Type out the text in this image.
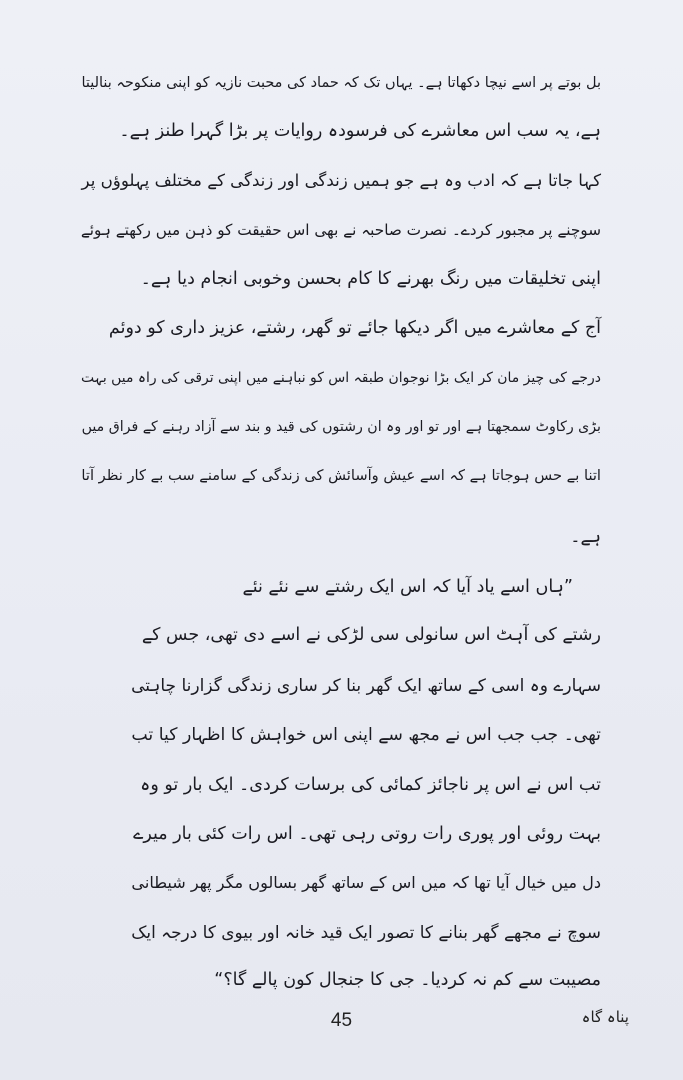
بل بوتے پر اسے نیچا دکھاتا ہے۔ یہاں تک کہ حماد کی محبت نازیہ کو اپنی منکوحہ بنالیتا
ہے، یہ سب اس معاشرے کی فرسودہ روایات پر بڑا گہرا طنز ہے۔
کہا جاتا ہے کہ ادب وہ ہے جو ہمیں زندگی اور زندگی کے مختلف پہلوؤں پر
سوچنے پر مجبور کردے۔ نصرت صاحبہ نے بھی اس حقیقت کو ذہن میں رکھتے ہوئے
اپنی تخلیقات میں رنگ بھرنے کا کام بحسن وخوبی انجام دیا ہے۔
آج کے معاشرے میں اگر دیکھا جائے تو گھر، رشتے، عزیز داری کو دوئم
درجے کی چیز مان کر ایک بڑا نوجوان طبقہ اس کو نباہنے میں اپنی ترقی کی راہ میں بہت
بڑی رکاوٹ سمجھتا ہے اور تو اور وہ ان رشتوں کی قید و بند سے آزاد رہنے کے فراق میں
اتنا بے حس ہوجاتا ہے کہ اسے عیش وآسائش کی زندگی کے سامنے سب بے کار نظر آتا
ہے۔
”ہاں اسے یاد آیا کہ اس ایک رشتے سے نئے نئے
رشتے کی آہٹ اس سانولی سی لڑکی نے اسے دی تھی، جس کے
سہارے وہ اسی کے ساتھ ایک گھر بنا کر ساری زندگی گزارنا چاہتی
تھی۔ جب جب اس نے مجھ سے اپنی اس خواہش کا اظہار کیا تب
تب اس نے اس پر ناجائز کمائی کی برسات کردی۔ ایک بار تو وہ
بہت روئی اور پوری رات روتی رہی تھی۔ اس رات کئی بار میرے
دل میں خیال آیا تھا کہ میں اس کے ساتھ گھر بسالوں مگر پھر شیطانی
سوچ نے مجھے گھر بنانے کا تصور ایک قید خانہ اور بیوی کا درجہ ایک
مصیبت سے کم نہ کردیا۔ جی کا جنجال کون پالے گا؟“
45	پناہ گاہ
